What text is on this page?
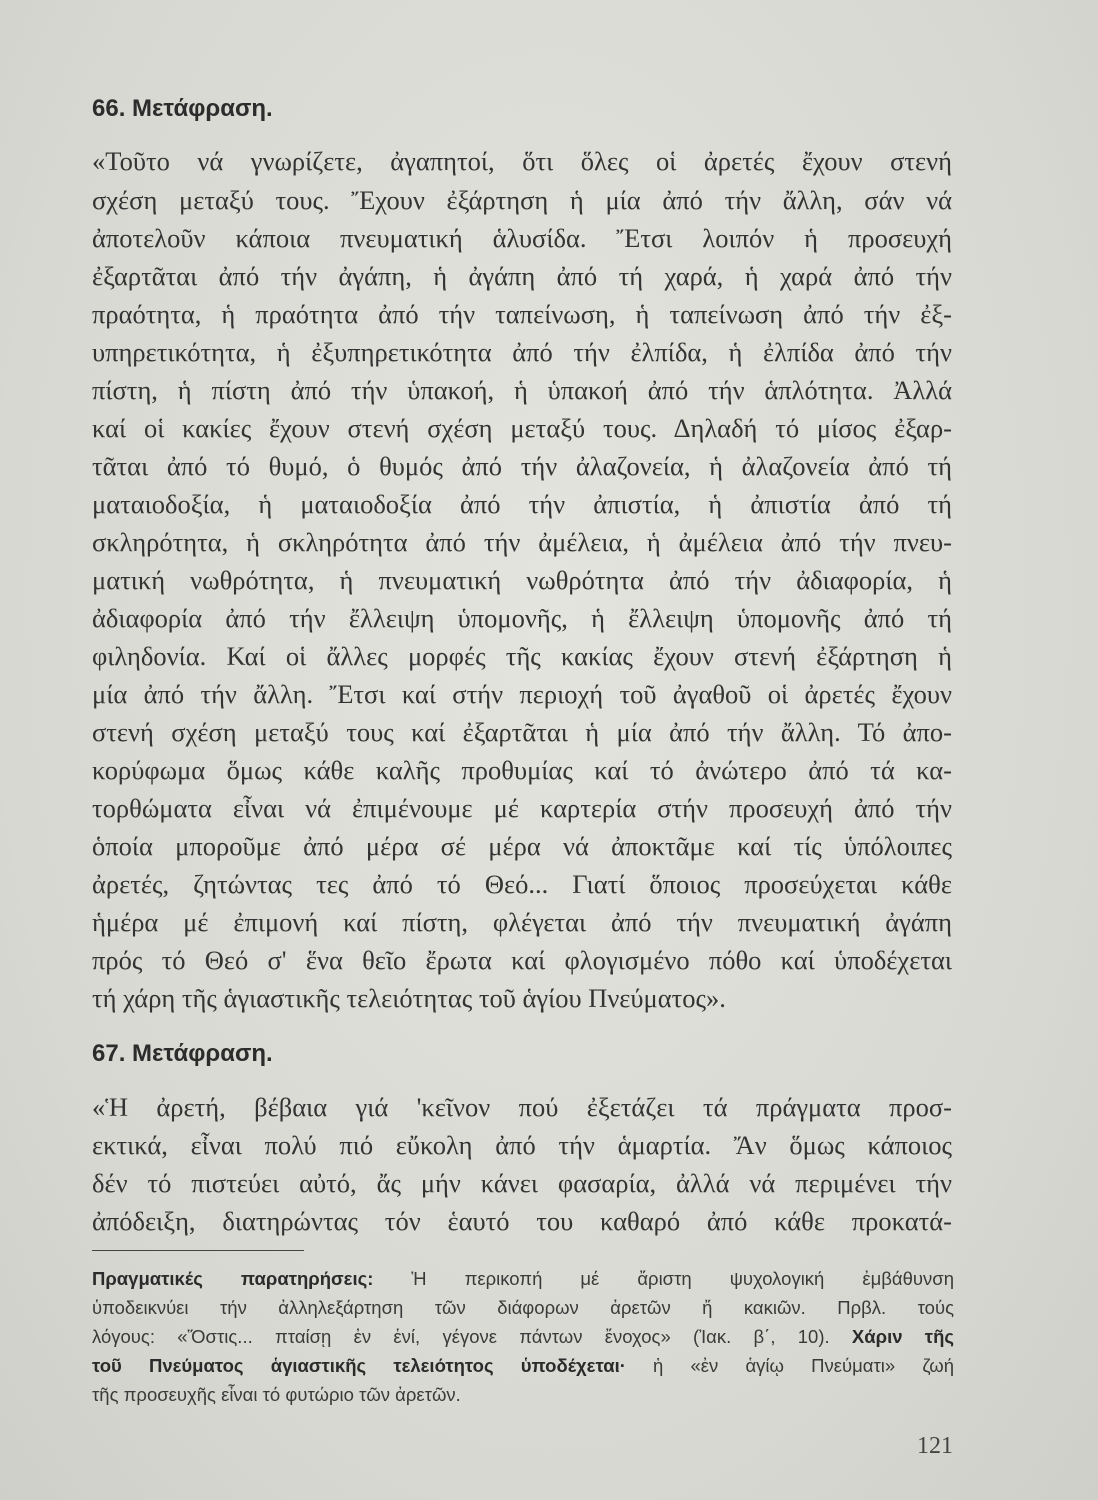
66. Μετάφραση.

«Τοῦτο νά γνωρίζετε, ἀγαπητοί, ὅτι ὅλες οἱ ἀρετές ἔχουν στενή

σχέση μεταξύ τους. Ἔχουν ἐξάρτηση ἡ μία ἀπό τήν ἄλλη, σάν νά

ἀποτελοῦν κάποια πνευματική ἁλυσίδα. Ἔτσι λοιπόν ἡ προσευχή

ἐξαρτᾶται ἀπό τήν ἀγάπη, ἡ ἀγάπη ἀπό τή χαρά, ἡ χαρά ἀπό τήν

πραότητα, ἡ πραότητα ἀπό τήν ταπείνωση, ἡ ταπείνωση ἀπό τήν ἐξ-

υπηρετικότητα, ἡ ἐξυπηρετικότητα ἀπό τήν ἐλπίδα, ἡ ἐλπίδα ἀπό τήν

πίστη, ἡ πίστη ἀπό τήν ὑπακοή, ἡ ὑπακοή ἀπό τήν ἁπλότητα. Ἀλλά

καί οἱ κακίες ἔχουν στενή σχέση μεταξύ τους. Δηλαδή τό μίσος ἐξαρ-

τᾶται ἀπό τό θυμό, ὁ θυμός ἀπό τήν ἀλαζονεία, ἡ ἀλαζονεία ἀπό τή

ματαιοδοξία, ἡ ματαιοδοξία ἀπό τήν ἀπιστία, ἡ ἀπιστία ἀπό τή

σκληρότητα, ἡ σκληρότητα ἀπό τήν ἀμέλεια, ἡ ἀμέλεια ἀπό τήν πνευ-

ματική νωθρότητα, ἡ πνευματική νωθρότητα ἀπό τήν ἀδιαφορία, ἡ

ἀδιαφορία ἀπό τήν ἔλλειψη ὑπομονῆς, ἡ ἔλλειψη ὑπομονῆς ἀπό τή

φιληδονία. Καί οἱ ἄλλες μορφές τῆς κακίας ἔχουν στενή ἐξάρτηση ἡ

μία ἀπό τήν ἄλλη. Ἔτσι καί στήν περιοχή τοῦ ἀγαθοῦ οἱ ἀρετές ἔχουν

στενή σχέση μεταξύ τους καί ἐξαρτᾶται ἡ μία ἀπό τήν ἄλλη. Τό ἀπο-

κορύφωμα ὅμως κάθε καλῆς προθυμίας καί τό ἀνώτερο ἀπό τά κα-

τορθώματα εἶναι νά ἐπιμένουμε μέ καρτερία στήν προσευχή ἀπό τήν

ὁποία μποροῦμε ἀπό μέρα σέ μέρα νά ἀποκτᾶμε καί τίς ὑπόλοιπες

ἀρετές, ζητώντας τες ἀπό τό Θεό... Γιατί ὅποιος προσεύχεται κάθε

ἡμέρα μέ ἐπιμονή καί πίστη, φλέγεται ἀπό τήν πνευματική ἀγάπη

πρός τό Θεό σ' ἕνα θεῖο ἔρωτα καί φλογισμένο πόθο καί ὑποδέχεται

τή χάρη τῆς ἁγιαστικῆς τελειότητας τοῦ ἁγίου Πνεύματος».

67. Μετάφραση.

«Ἡ ἀρετή, βέβαια γιά 'κεῖνον πού ἐξετάζει τά πράγματα προσ-

εκτικά, εἶναι πολύ πιό εὔκολη ἀπό τήν ἁμαρτία. Ἄν ὅμως κάποιος

δέν τό πιστεύει αὐτό, ἄς μήν κάνει φασαρία, ἀλλά νά περιμένει τήν

ἀπόδειξη, διατηρώντας τόν ἑαυτό του καθαρό ἀπό κάθε προκατά-

Πραγματικές παρατηρήσεις: Ἡ περικοπή μέ ἄριστη ψυχολογική ἐμβάθυνση

ὑποδεικνύει τήν ἀλληλεξάρτηση τῶν διάφορων ἀρετῶν ἤ κακιῶν. Πρβλ. τούς

λόγους: «Ὅστις... πταίσῃ ἐν ἑνί, γέγονε πάντων ἔνοχος» (Ἰακ. β΄, 10). Χάριν τῆς

τοῦ Πνεύματος ἁγιαστικῆς τελειότητος ὑποδέχεται· ἡ «ἐν ἁγίῳ Πνεύματι» ζωή

τῆς προσευχῆς εἶναι τό φυτώριο τῶν ἀρετῶν.

121
